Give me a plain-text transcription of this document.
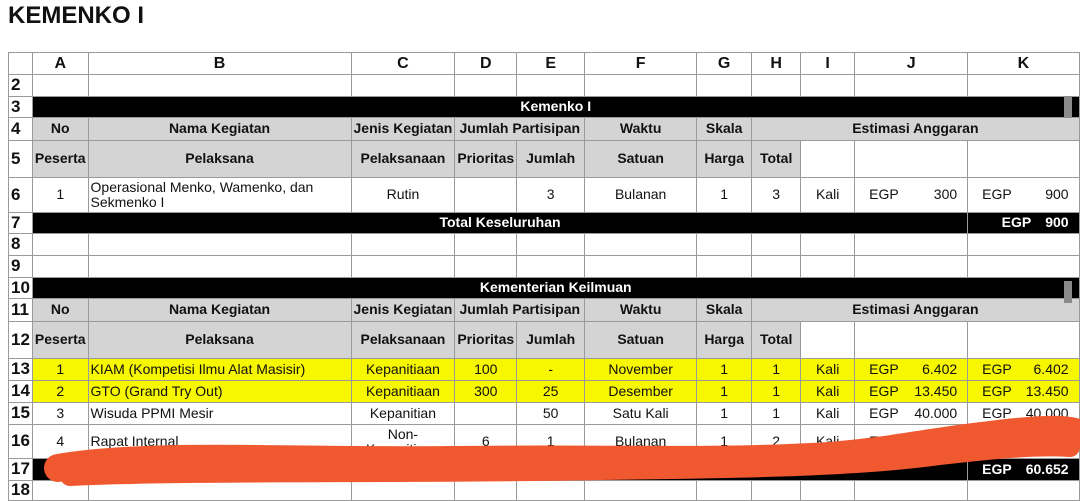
KEMENKO I
	A	B	C	D	E	F	G	H	I	J	K
2											
3	Kemenko I										
4	No	Nama Kegiatan	Jenis Kegiatan	Jumlah Partisipan		Waktu	Skala	Estimasi Anggaran			
5	Peserta	Pelaksana	Pelaksanaan	Prioritas	Jumlah	Satuan	Harga	Total			
6	1	Operasional Menko, Wamenko, dan Sekmenko I	Rutin		3	Bulanan	1	3	Kali	EGP 300	EGP 900

7	Total Keseluruhan										EGP 900

8											
9											
10	Kementerian Keilmuan										
11	No	Nama Kegiatan	Jenis Kegiatan	Jumlah Partisipan		Waktu	Skala	Estimasi Anggaran			
12	Peserta	Pelaksana	Pelaksanaan	Prioritas	Jumlah	Satuan	Harga	Total			
13	1	KIAM (Kompetisi Ilmu Alat Masisir)	Kepanitiaan	100	-	November	1	1	Kali	EGP 6.402	EGP 6.402

14	2	GTO (Grand Try Out)	Kepanitiaan	300	25	Desember	1	1	Kali	EGP 13.450	EGP 13.450

15	3	Wisuda PPMI Mesir	Kepanitian		50	Satu Kali	1	1	Kali	EGP 40.000	EGP 40.000

16	4	Rapat Internal	Non-Kepanitiaan	6	1	Bulanan	1	2	Kali	EG	

17											EGP 60.652

18											
